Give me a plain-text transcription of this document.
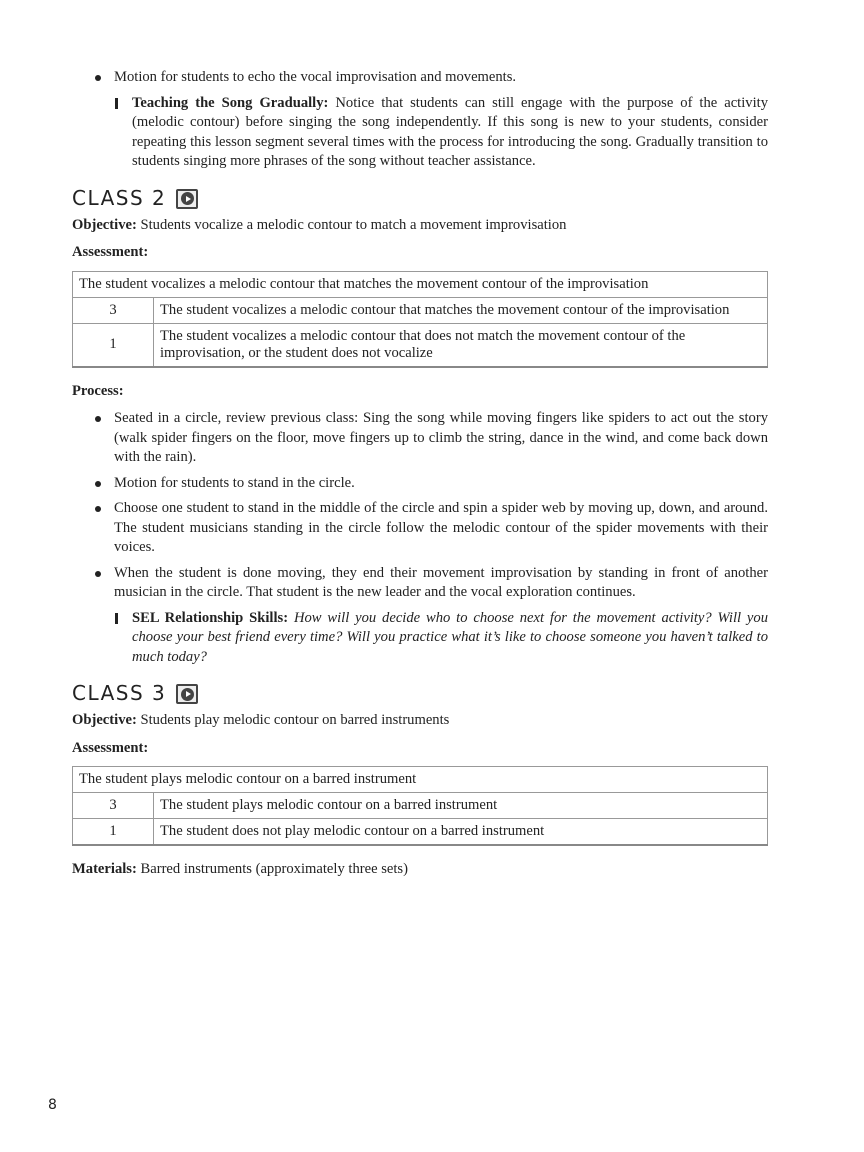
Motion for students to echo the vocal improvisation and movements.
Teaching the Song Gradually: Notice that students can still engage with the purpose of the activity (melodic contour) before singing the song independently. If this song is new to your students, consider repeating this lesson segment several times with the process for introducing the song. Gradually transition to students singing more phrases of the song without teacher assistance.
CLASS 2
Objective: Students vocalize a melodic contour to match a movement improvisation
Assessment:
The student vocalizes a melodic contour that matches the movement contour of the improvisation	
3	The student vocalizes a melodic contour that matches the movement contour of the improvisation
1	The student vocalizes a melodic contour that does not match the movement contour of the improvisation, or the student does not vocalize
Process:
Seated in a circle, review previous class: Sing the song while moving fingers like spiders to act out the story (walk spider fingers on the floor, move fingers up to climb the string, dance in the wind, and come back down with the rain).
Motion for students to stand in the circle.
Choose one student to stand in the middle of the circle and spin a spider web by moving up, down, and around. The student musicians standing in the circle follow the melodic contour of the spider movements with their voices.
When the student is done moving, they end their movement improvisation by standing in front of another musician in the circle. That student is the new leader and the vocal exploration continues.
SEL Relationship Skills: How will you decide who to choose next for the movement activity? Will you choose your best friend every time? Will you practice what it’s like to choose someone you haven’t talked to much today?
CLASS 3
Objective: Students play melodic contour on barred instruments
Assessment:
The student plays melodic contour on a barred instrument	
3	The student plays melodic contour on a barred instrument
1	The student does not play melodic contour on a barred instrument
Materials: Barred instruments (approximately three sets)
8
